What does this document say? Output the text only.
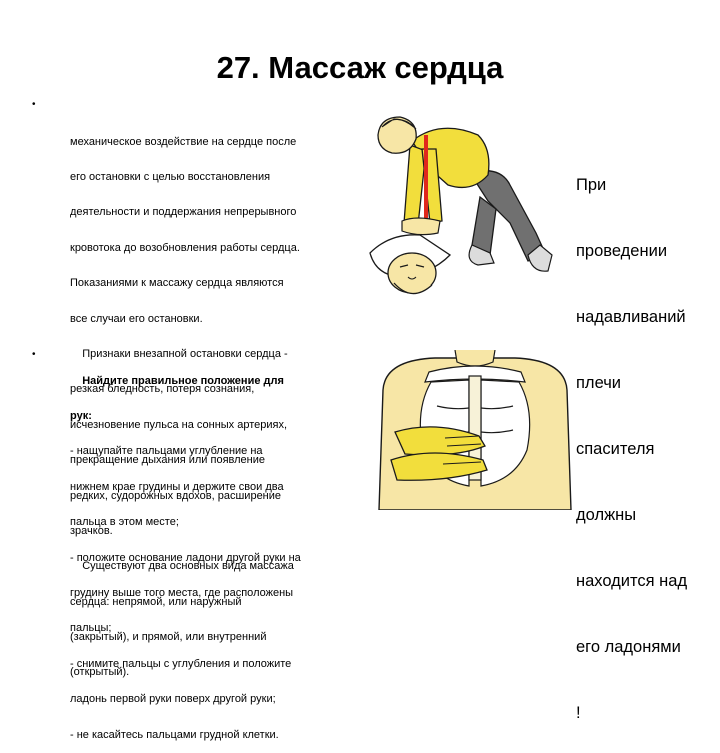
27. Массаж сердца
•
•

механическое воздействие на сердце после

его остановки с целью восстановления

деятельности и поддержания непрерывного

кровотока до возобновления работы сердца.

Показаниями к массажу сердца являются

все случаи его остановки.

Признаки внезапной остановки сердца -

резкая бледность, потеря сознания,

исчезновение пульса на сонных артериях,

прекращение дыхания или появление

редких, судорожных вдохов, расширение

зрачков.

Существуют два основных вида массажа

сердца: непрямой, или наружный

(закрытый), и прямой, или внутренний

(открытый).

Найдите правильное положение для

рук:

- нащупайте пальцами углубление на

нижнем крае грудины и держите свои два

пальца в этом месте;

- положите основание ладони другой руки на

грудину выше того места, где расположены

пальцы;

- снимите пальцы с углубления и положите

ладонь первой руки поверх другой руки;

- не касайтесь пальцами грудной клетки.

При

проведении

надавливаний

плечи

спасителя

должны

находится над

его ладонями

!
